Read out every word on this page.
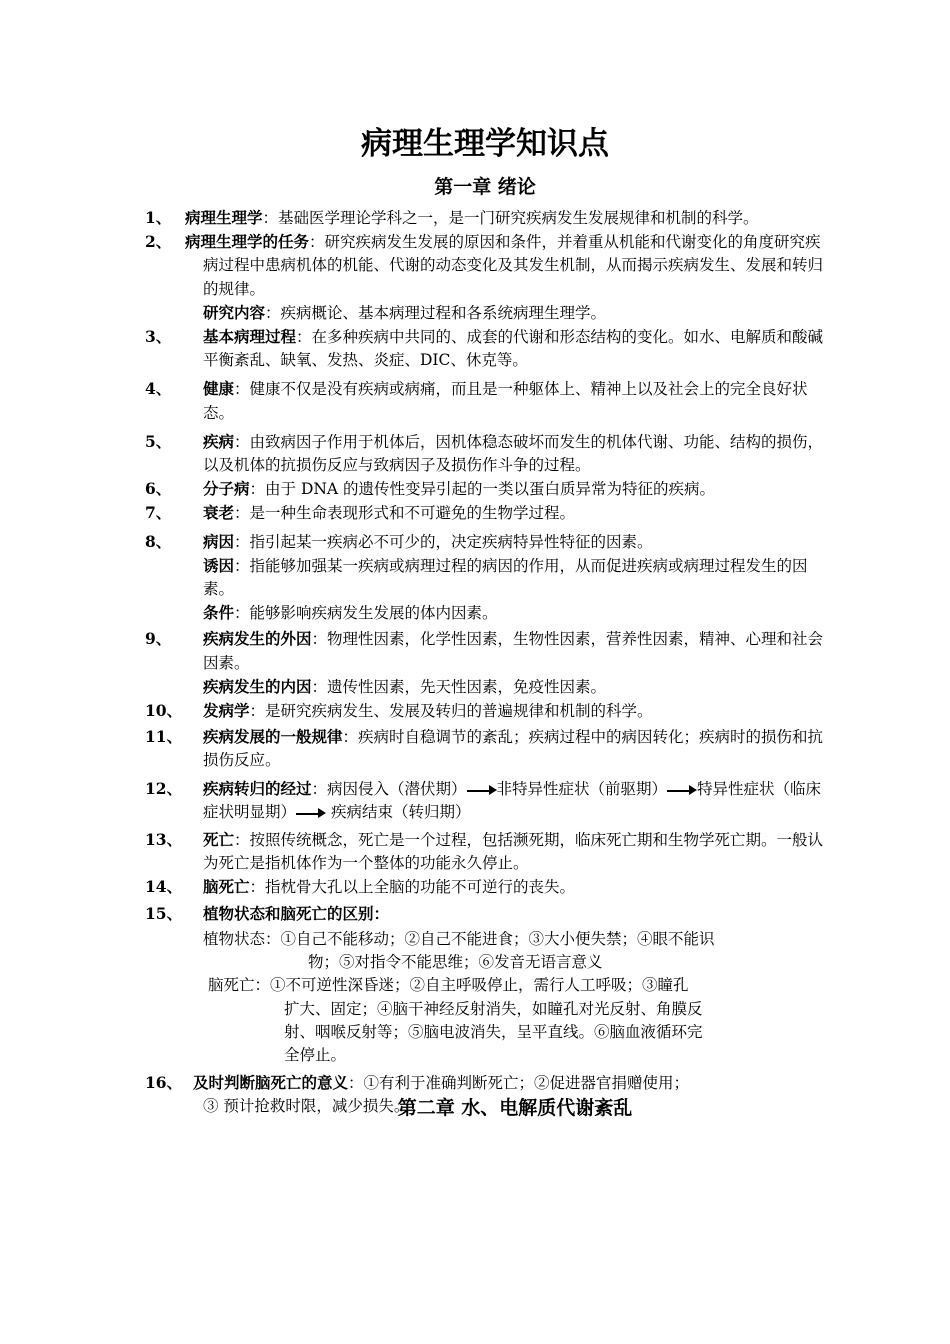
病理生理学知识点
第一章 绪论
1、 病理生理学：基础医学理论学科之一，是一门研究疾病发生发展规律和机制的科学。
2、 病理生理学的任务：研究疾病发生发展的原因和条件，并着重从机能和代谢变化的角度研究疾病过程中患病机体的机能、代谢的动态变化及其发生机制，从而揭示疾病发生、发展和转归的规律。
研究内容：疾病概论、基本病理过程和各系统病理生理学。
3、	基本病理过程：在多种疾病中共同的、成套的代谢和形态结构的变化。如水、电解质和酸碱平衡紊乱、缺氧、发热、炎症、DIC、休克等。
4、	健康：健康不仅是没有疾病或病痛，而且是一种躯体上、精神上以及社会上的完全良好状态。
5、	疾病：由致病因子作用于机体后，因机体稳态破坏而发生的机体代谢、功能、结构的损伤，以及机体的抗损伤反应与致病因子及损伤作斗争的过程。
6、	分子病：由于 DNA 的遗传性变异引起的一类以蛋白质异常为特征的疾病。
7、	衰老：是一种生命表现形式和不可避免的生物学过程。
8、	病因：指引起某一疾病必不可少的，决定疾病特异性特征的因素。
诱因：指能够加强某一疾病或病理过程的病因的作用，从而促进疾病或病理过程发生的因素。
条件：能够影响疾病发生发展的体内因素。
9、	疾病发生的外因：物理性因素，化学性因素，生物性因素，营养性因素，精神、心理和社会因素。
疾病发生的内因：遗传性因素，先天性因素，免疫性因素。
10、	发病学：是研究疾病发生、发展及转归的普遍规律和机制的科学。
11、	疾病发展的一般规律：疾病时自稳调节的紊乱；疾病过程中的病因转化；疾病时的损伤和抗损伤反应。
12、	疾病转归的经过：病因侵入（潜伏期） 非特异性症状（前驱期） 特异性症状（临床症状明显期） 疾病结束（转归期）
13、	死亡：按照传统概念，死亡是一个过程，包括濒死期，临床死亡期和生物学死亡期。一般认为死亡是指机体作为一个整体的功能永久停止。
14、	脑死亡：指枕骨大孔以上全脑的功能不可逆行的丧失。
15、	植物状态和脑死亡的区别：
植物状态：①自己不能移动；②自己不能进食；③大小便失禁；④眼不能识
物；⑤对指令不能思维；⑥发音无语言意义
脑死亡：①不可逆性深昏迷；②自主呼吸停止，需行人工呼吸；③瞳孔
扩大、固定；④脑干神经反射消失，如瞳孔对光反射、角膜反
射、咽喉反射等；⑤脑电波消失，呈平直线。⑥脑血液循环完
全停止。
16、 及时判断脑死亡的意义：①有利于准确判断死亡；②促进器官捐赠使用；
③ 预计抢救时限，减少损失。
第二章 水、电解质代谢紊乱
